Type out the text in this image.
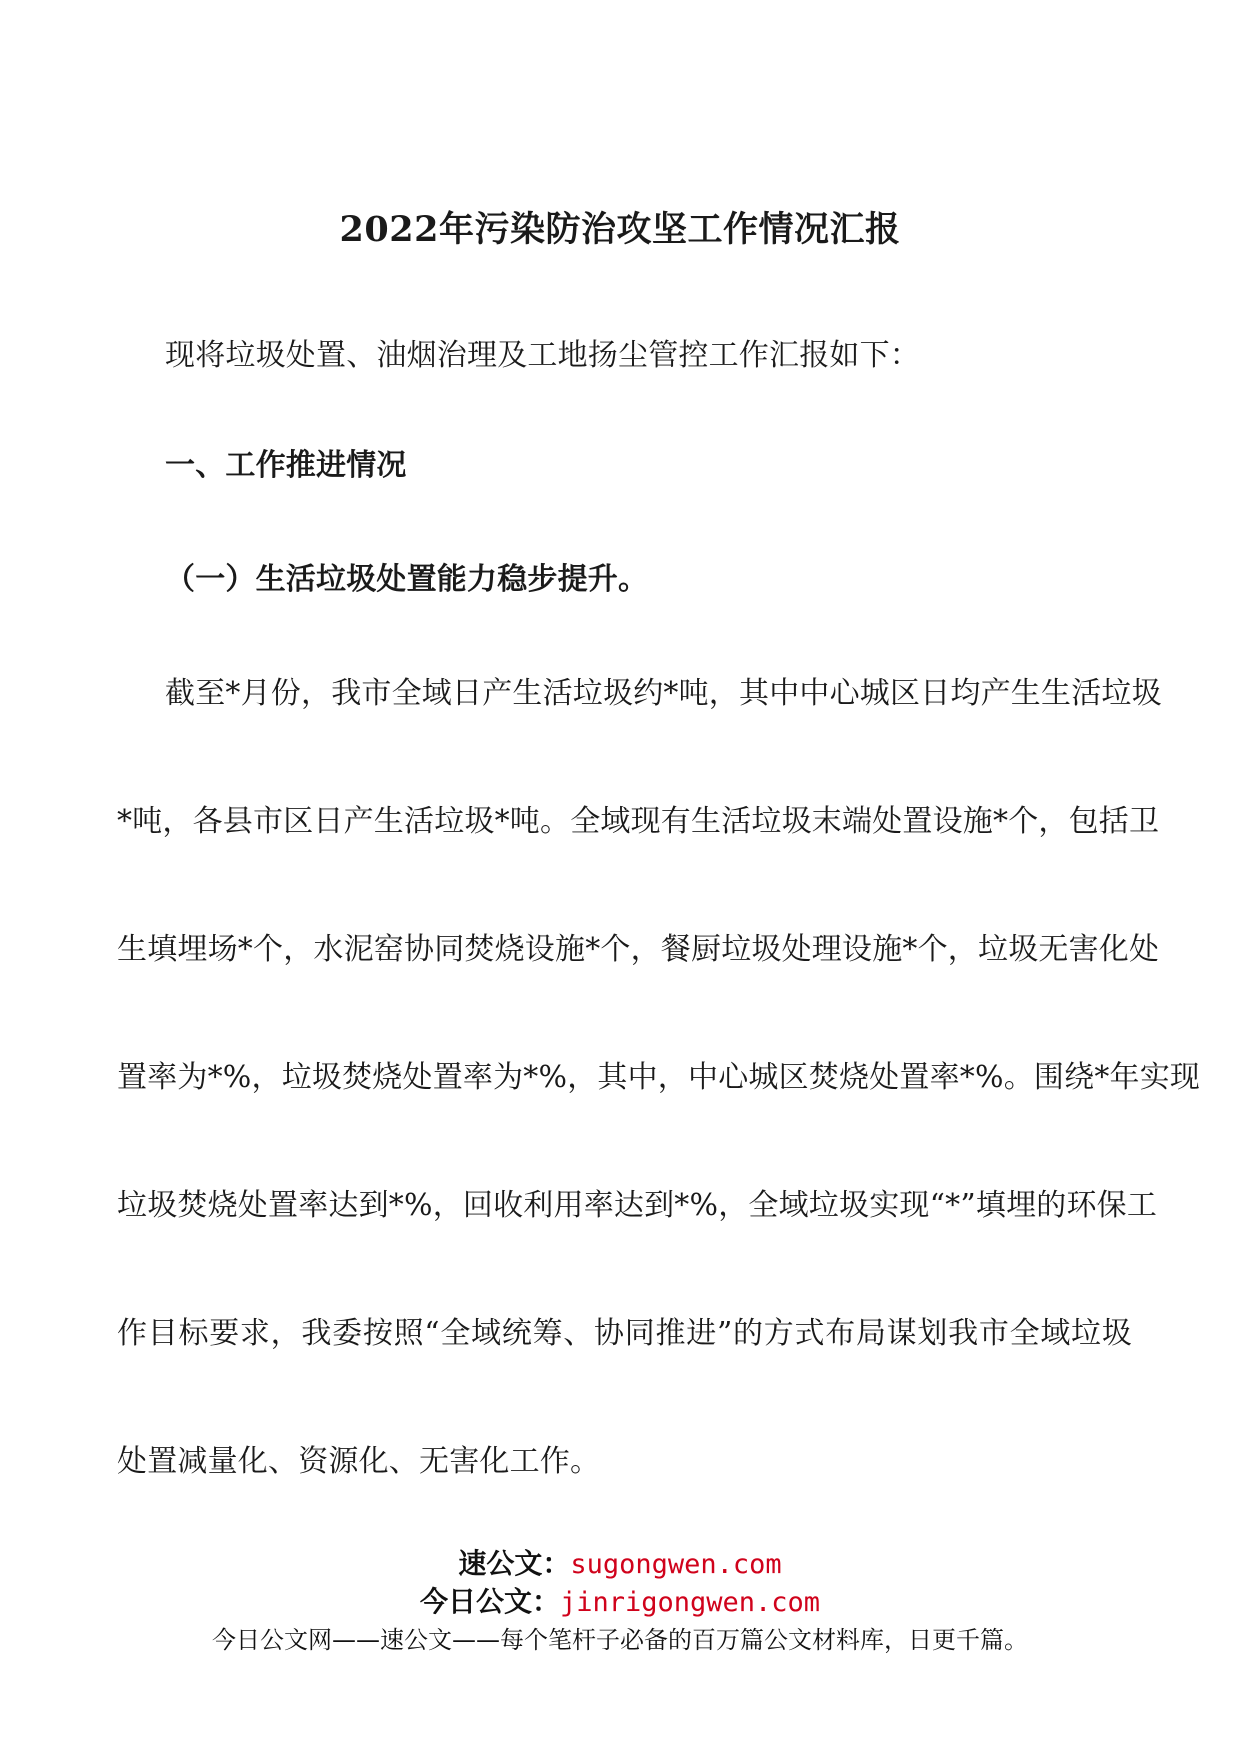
2022年污染防治攻坚工作情况汇报
现将垃圾处置、油烟治理及工地扬尘管控工作汇报如下：
一、工作推进情况
（一）生活垃圾处置能力稳步提升。
截至*月份，我市全域日产生活垃圾约*吨，其中中心城区日均产生生活垃圾
*吨，各县市区日产生活垃圾*吨。全域现有生活垃圾末端处置设施*个，包括卫
生填埋场*个，水泥窑协同焚烧设施*个，餐厨垃圾处理设施*个，垃圾无害化处
置率为*%，垃圾焚烧处置率为*%，其中，中心城区焚烧处置率*%。围绕*年实现
垃圾焚烧处置率达到*%，回收利用率达到*%，全域垃圾实现“*”填埋的环保工
作目标要求，我委按照“全域统筹、协同推进”的方式布局谋划我市全域垃圾
处置减量化、资源化、无害化工作。
速公文：sugongwen.com
今日公文：jinrigongwen.com
今日公文网——速公文——每个笔杆子必备的百万篇公文材料库，日更千篇。
